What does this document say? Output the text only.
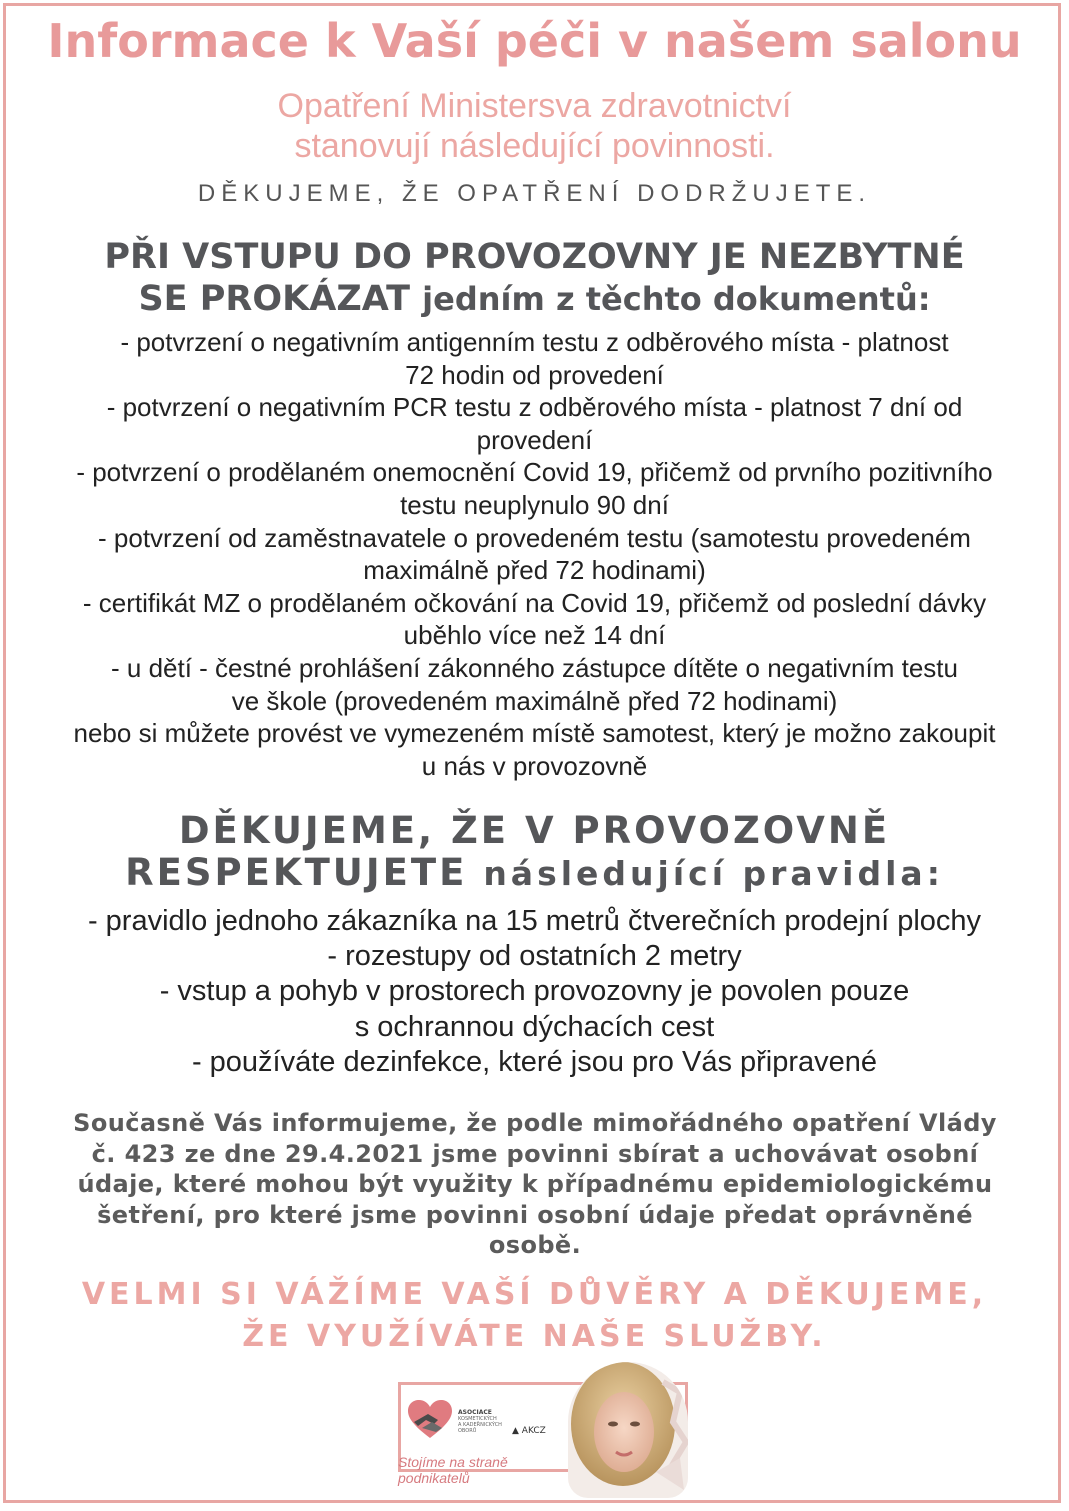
Informace k Vaší péči v našem salonu
Opatření Ministersva zdravotnictví
stanovují následující povinnosti.
DĚKUJEME, ŽE OPATŘENÍ DODRŽUJETE.
PŘI VSTUPU DO PROVOZOVNY JE NEZBYTNÉ
SE PROKÁZAT jedním z těchto dokumentů:
- potvrzení o negativním antigenním testu z odběrového místa - platnost
72 hodin od provedení
- potvrzení o negativním PCR testu z odběrového místa - platnost 7 dní od
provedení
- potvrzení o prodělaném onemocnění Covid 19, přičemž od prvního pozitivního
testu neuplynulo 90 dní
- potvrzení od zaměstnavatele o provedeném testu (samotestu provedeném
maximálně před 72 hodinami)
- certifikát MZ o prodělaném očkování na Covid 19, přičemž od poslední dávky
uběhlo více než 14 dní
- u dětí - čestné prohlášení zákonného zástupce dítěte o negativním testu
ve škole (provedeném maximálně před 72 hodinami)
nebo si můžete provést ve vymezeném místě samotest, který je možno zakoupit
u nás v provozovně
DĚKUJEME, ŽE V PROVOZOVNĚ
RESPEKTUJETE následující pravidla:
- pravidlo jednoho zákazníka na 15 metrů čtverečních prodejní plochy
- rozestupy od ostatních 2 metry
- vstup a pohyb v prostorech provozovny je povolen pouze
s ochrannou dýchacích cest
- používáte dezinfekce, které jsou pro Vás připravené
Současně Vás informujeme, že podle mimořádného opatření Vlády
č. 423 ze dne 29.4.2021 jsme povinni sbírat a uchovávat osobní
údaje, které mohou být využity k případnému epidemiologickému
šetření, pro které jsme povinni osobní údaje předat oprávněné
osobě.
VELMI SI VÁŽÍME VAŠÍ DŮVĚRY A DĚKUJEME,
ŽE VYUŽÍVÁTE NAŠE SLUŽBY.
ASOCIACE
KOSMETICKÝCH
A KADEŘNICKÝCH
OBORŮ	▲ AKCZ
Stojíme na straně podnikatelů
